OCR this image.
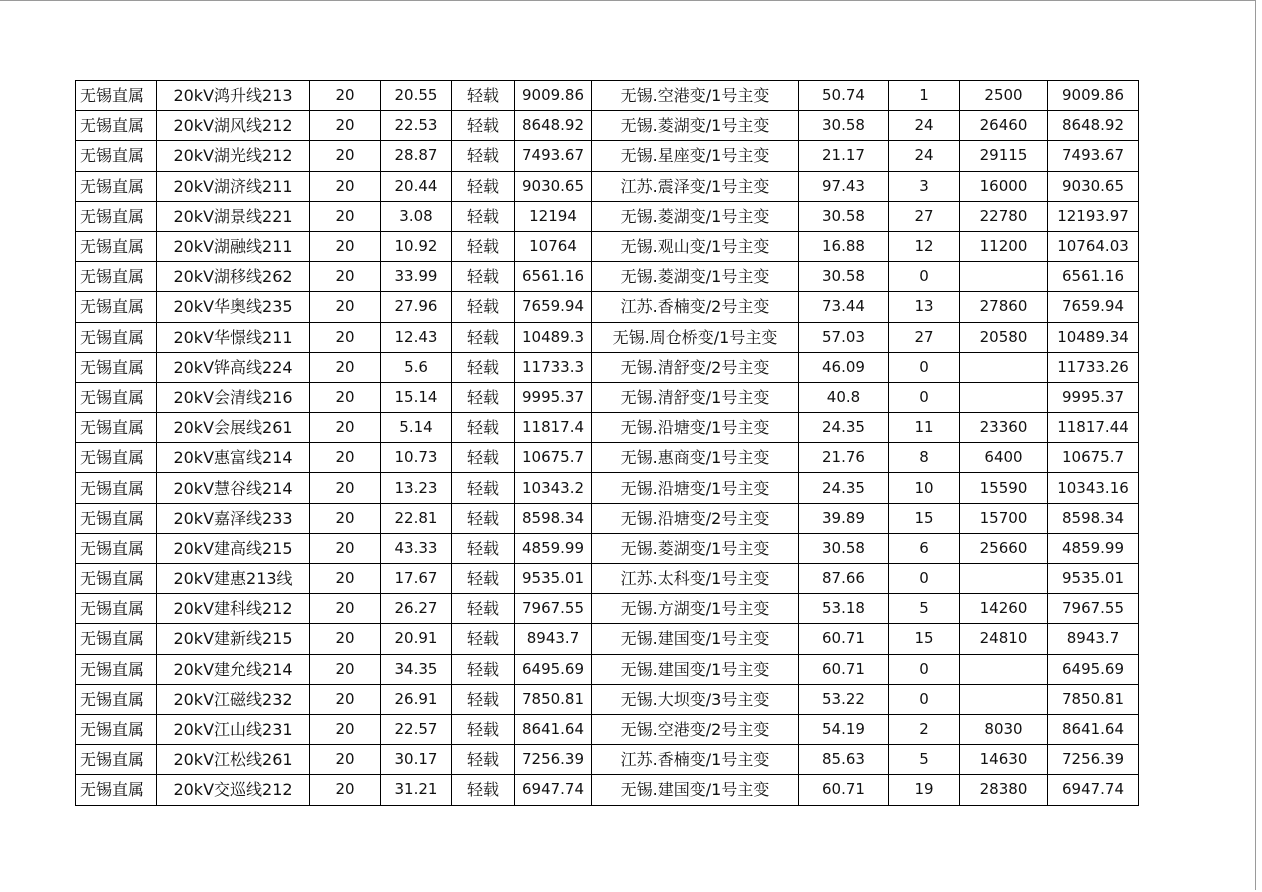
无锡直属	20kV鸿升线213	20	20.55	轻载	9009.86	无锡.空港变/1号主变	50.74	1	2500	9009.86
无锡直属	20kV湖风线212	20	22.53	轻载	8648.92	无锡.菱湖变/1号主变	30.58	24	26460	8648.92
无锡直属	20kV湖光线212	20	28.87	轻载	7493.67	无锡.星座变/1号主变	21.17	24	29115	7493.67
无锡直属	20kV湖济线211	20	20.44	轻载	9030.65	江苏.震泽变/1号主变	97.43	3	16000	9030.65
无锡直属	20kV湖景线221	20	3.08	轻载	12194	无锡.菱湖变/1号主变	30.58	27	22780	12193.97
无锡直属	20kV湖融线211	20	10.92	轻载	10764	无锡.观山变/1号主变	16.88	12	11200	10764.03
无锡直属	20kV湖移线262	20	33.99	轻载	6561.16	无锡.菱湖变/1号主变	30.58	0		6561.16
无锡直属	20kV华奥线235	20	27.96	轻载	7659.94	江苏.香楠变/2号主变	73.44	13	27860	7659.94
无锡直属	20kV华憬线211	20	12.43	轻载	10489.3	无锡.周仓桥变/1号主变	57.03	27	20580	10489.34
无锡直属	20kV铧高线224	20	5.6	轻载	11733.3	无锡.清舒变/2号主变	46.09	0		11733.26
无锡直属	20kV会清线216	20	15.14	轻载	9995.37	无锡.清舒变/1号主变	40.8	0		9995.37
无锡直属	20kV会展线261	20	5.14	轻载	11817.4	无锡.沿塘变/1号主变	24.35	11	23360	11817.44
无锡直属	20kV惠富线214	20	10.73	轻载	10675.7	无锡.惠商变/1号主变	21.76	8	6400	10675.7
无锡直属	20kV慧谷线214	20	13.23	轻载	10343.2	无锡.沿塘变/1号主变	24.35	10	15590	10343.16
无锡直属	20kV嘉泽线233	20	22.81	轻载	8598.34	无锡.沿塘变/2号主变	39.89	15	15700	8598.34
无锡直属	20kV建高线215	20	43.33	轻载	4859.99	无锡.菱湖变/1号主变	30.58	6	25660	4859.99
无锡直属	20kV建惠213线	20	17.67	轻载	9535.01	江苏.太科变/1号主变	87.66	0		9535.01
无锡直属	20kV建科线212	20	26.27	轻载	7967.55	无锡.方湖变/1号主变	53.18	5	14260	7967.55
无锡直属	20kV建新线215	20	20.91	轻载	8943.7	无锡.建国变/1号主变	60.71	15	24810	8943.7
无锡直属	20kV建允线214	20	34.35	轻载	6495.69	无锡.建国变/1号主变	60.71	0		6495.69
无锡直属	20kV江磁线232	20	26.91	轻载	7850.81	无锡.大坝变/3号主变	53.22	0		7850.81
无锡直属	20kV江山线231	20	22.57	轻载	8641.64	无锡.空港变/2号主变	54.19	2	8030	8641.64
无锡直属	20kV江松线261	20	30.17	轻载	7256.39	江苏.香楠变/1号主变	85.63	5	14630	7256.39
无锡直属	20kV交巡线212	20	31.21	轻载	6947.74	无锡.建国变/1号主变	60.71	19	28380	6947.74
